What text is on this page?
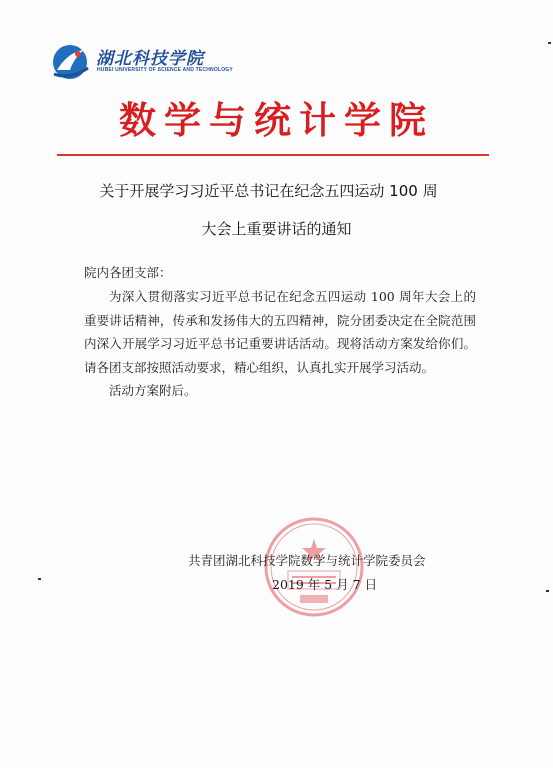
湖北科技学院
HUBEI UNIVERSITY OF SCIENCE AND TECHNOLOGY
数学与统计学院
关于开展学习习近平总书记在纪念五四运动 100 周
大会上重要讲话的通知
院内各团支部：

为深入贯彻落实习近平总书记在纪念五四运动 100 周年大会上的重要讲话精神，传承和发扬伟大的五四精神，院分团委决定在全院范围内深入开展学习习近平总书记重要讲话活动。现将活动方案发给你们。请各团支部按照活动要求，精心组织，认真扎实开展学习活动。

活动方案附后。

共青团湖北科技学院数学与统计学院委员会
2019 年 5 月 7 日
